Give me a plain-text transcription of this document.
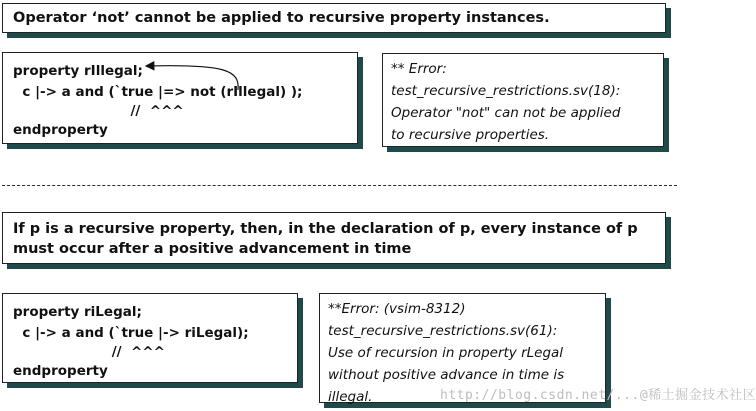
Operator ‘not’ cannot be applied to recursive property instances.
property rIllegal;
c |-> a and (`true |=> not (rIllegal) );
//  ^^^
endproperty
** Error:
test_recursive_restrictions.sv(18):
Operator "not" can not be applied
to recursive properties.
If p is a recursive property, then, in the declaration of p, every instance of p
must occur after a positive advancement in time
property riLegal;
c |-> a and (`true |-> riLegal);
//  ^^^
endproperty
**Error: (vsim-8312)
test_recursive_restrictions.sv(61):
Use of recursion in property rLegal
without positive advance in time is
illegal.	http://blog.csdn.net/...@稀土掘金技术社区
